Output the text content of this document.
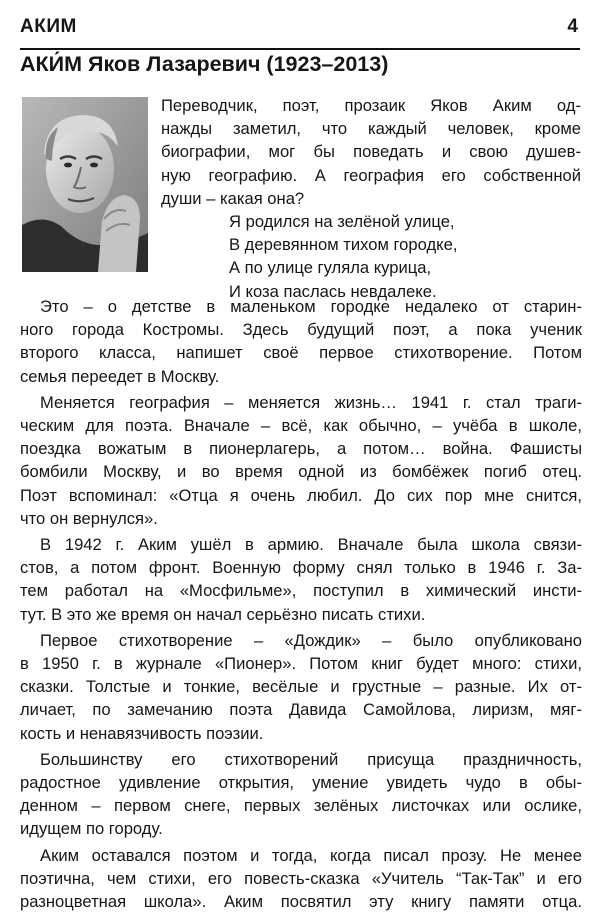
АКИМ	4
АКИ́М Яков Лазаревич (1923–2013)
Переводчик, поэт, прозаик Яков Аким од-
нажды заметил, что каждый человек, кроме
биографии, мог бы поведать и свою душев-
ную географию. А география его собственной
души – какая она?
Я родился на зелёной улице,
В деревянном тихом городке,
А по улице гуляла курица,
И коза паслась невдалеке.
Это – о детстве в маленьком городке недалеко от старин-
ного города Костромы. Здесь будущий поэт, а пока ученик
второго класса, напишет своё первое стихотворение. Потом
семья переедет в Москву.
Меняется география – меняется жизнь… 1941 г. стал траги-
ческим для поэта. Вначале – всё, как обычно, – учёба в школе,
поездка вожатым в пионерлагерь, а потом… война. Фашисты
бомбили Москву, и во время одной из бомбёжек погиб отец.
Поэт вспоминал: «Отца я очень любил. До сих пор мне снится,
что он вернулся».
В 1942 г. Аким ушёл в армию. Вначале была школа связи-
стов, а потом фронт. Военную форму снял только в 1946 г. За-
тем работал на «Мосфильме», поступил в химический инсти-
тут. В это же время он начал серьёзно писать стихи.
Первое стихотворение – «Дождик» – было опубликовано
в 1950 г. в журнале «Пионер». Потом книг будет много: стихи,
сказки. Толстые и тонкие, весёлые и грустные – разные. Их от-
личает, по замечанию поэта Давида Самойлова, лиризм, мяг-
кость и ненавязчивость поэзии.
Большинству его стихотворений присуща праздничность,
радостное удивление открытия, умение увидеть чудо в обы-
денном – первом снеге, первых зелёных листочках или ослике,
идущем по городу.
Аким оставался поэтом и тогда, когда писал прозу. Не менее
поэтична, чем стихи, его повесть-сказка «Учитель “Так-Так” и его
разноцветная школа». Аким посвятил эту книгу памяти отца.
